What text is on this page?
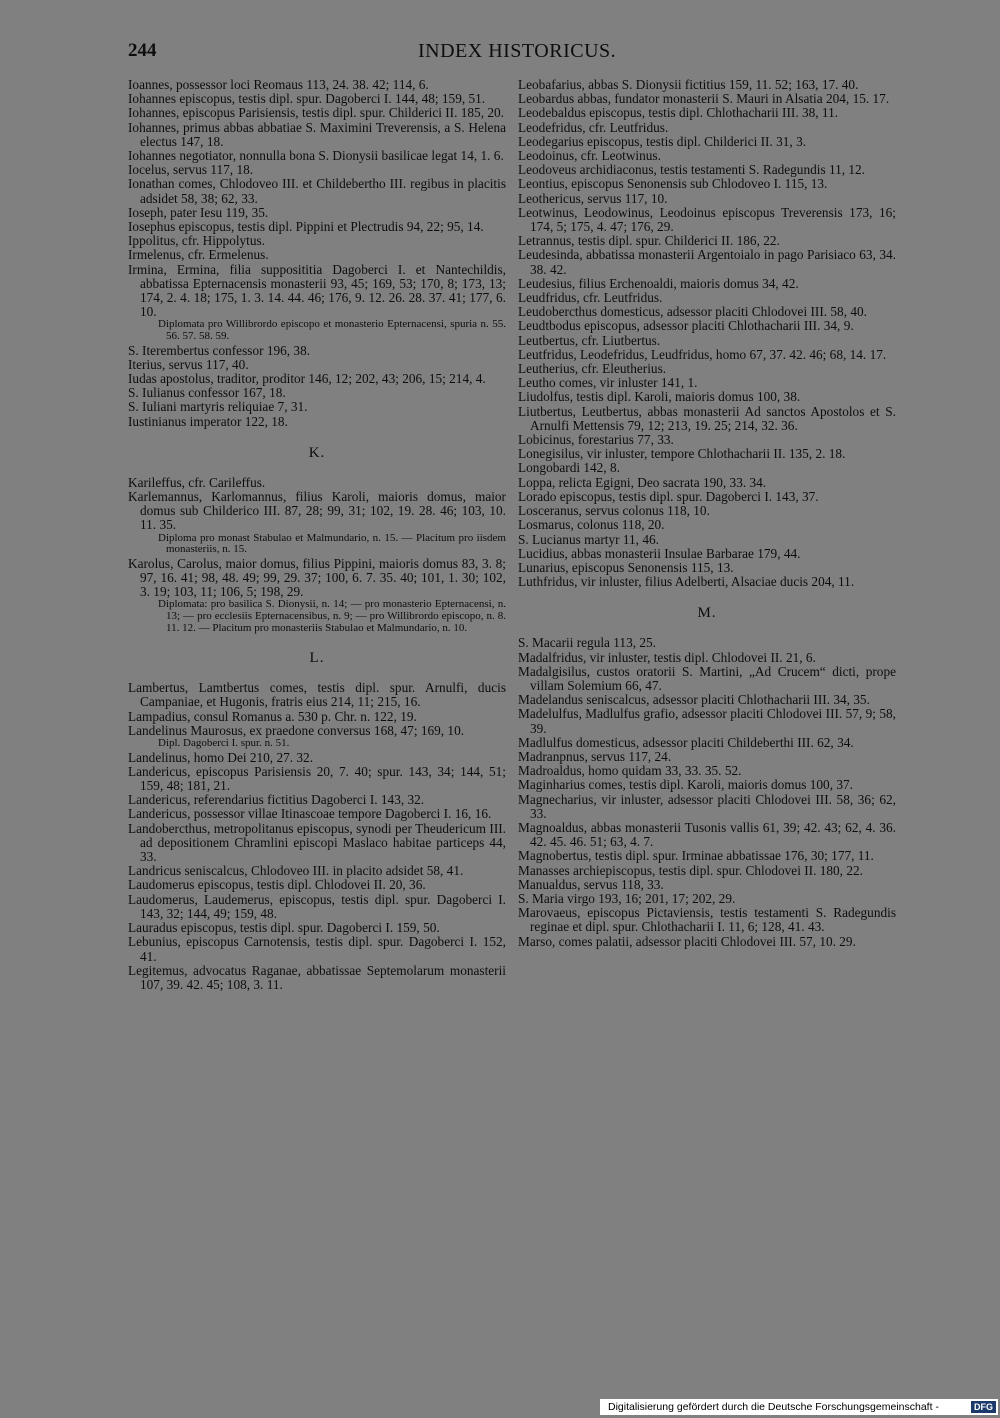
244	INDEX HISTORICUS.

Ioannes, possessor loci Reomaus 113, 24. 38. 42; 114, 6.

Iohannes episcopus, testis dipl. spur. Dagoberci I. 144, 48; 159, 51.

Iohannes, episcopus Parisiensis, testis dipl. spur. Childerici II. 185, 20.

Iohannes, primus abbas abbatiae S. Maximini Treverensis, a S. Helena electus 147, 18.

Iohannes negotiator, nonnulla bona S. Dionysii basilicae legat 14, 1. 6.

Iocelus, servus 117, 18.

Ionathan comes, Chlodoveo III. et Childebertho III. regibus in placitis adsidet 58, 38; 62, 33.

Ioseph, pater Iesu 119, 35.

Iosephus episcopus, testis dipl. Pippini et Plectrudis 94, 22; 95, 14.

Ippolitus, cfr. Hippolytus.

Irmelenus, cfr. Ermelenus.

Irmina, Ermina, filia supposititia Dagoberci I. et Nantechildis, abbatissa Epternacensis monasterii 93, 45; 169, 53; 170, 8; 173, 13; 174, 2. 4. 18; 175, 1. 3. 14. 44. 46; 176, 9. 12. 26. 28. 37. 41; 177, 6. 10.

Diplomata pro Willibrordo episcopo et monasterio Epternacensi, spuria n. 55. 56. 57. 58. 59.

S. Iterembertus confessor 196, 38.

Iterius, servus 117, 40.

Iudas apostolus, traditor, proditor 146, 12; 202, 43; 206, 15; 214, 4.

S. Iulianus confessor 167, 18.

S. Iuliani martyris reliquiae 7, 31.

Iustinianus imperator 122, 18.

K.

Karileffus, cfr. Carileffus.

Karlemannus, Karlomannus, filius Karoli, maioris domus, maior domus sub Childerico III. 87, 28; 99, 31; 102, 19. 28. 46; 103, 10. 11. 35.

Diploma pro monast Stabulao et Malmundario, n. 15. — Placitum pro iisdem monasteriis, n. 15.

Karolus, Carolus, maior domus, filius Pippini, maioris domus 83, 3. 8; 97, 16. 41; 98, 48. 49; 99, 29. 37; 100, 6. 7. 35. 40; 101, 1. 30; 102, 3. 19; 103, 11; 106, 5; 198, 29.

Diplomata: pro basilica S. Dionysii, n. 14; — pro monasterio Epternacensi, n. 13; — pro ecclesiis Epternacensibus, n. 9; — pro Willibrordo episcopo, n. 8. 11. 12. — Placitum pro monasteriis Stabulao et Malmundario, n. 10.

L.

Lambertus, Lamtbertus comes, testis dipl. spur. Arnulfi, ducis Campaniae, et Hugonis, fratris eius 214, 11; 215, 16.

Lampadius, consul Romanus a. 530 p. Chr. n. 122, 19.

Landelinus Maurosus, ex praedone conversus 168, 47; 169, 10.

Dipl. Dagoberci I. spur. n. 51.

Landelinus, homo Dei 210, 27. 32.

Landericus, episcopus Parisiensis 20, 7. 40; spur. 143, 34; 144, 51; 159, 48; 181, 21.

Landericus, referendarius fictitius Dagoberci I. 143, 32.

Landericus, possessor villae Itinascoae tempore Dagoberci I. 16, 16.

Landobercthus, metropolitanus episcopus, synodi per Theudericum III. ad depositionem Chramlini episcopi Maslaco habitae particeps 44, 33.

Landricus seniscalcus, Chlodoveo III. in placito adsidet 58, 41.

Laudomerus episcopus, testis dipl. Chlodovei II. 20, 36.

Laudomerus, Laudemerus, episcopus, testis dipl. spur. Dagoberci I. 143, 32; 144, 49; 159, 48.

Lauradus episcopus, testis dipl. spur. Dagoberci I. 159, 50.

Lebunius, episcopus Carnotensis, testis dipl. spur. Dagoberci I. 152, 41.

Legitemus, advocatus Raganae, abbatissae Septemolarum monasterii 107, 39. 42. 45; 108, 3. 11.

Leobafarius, abbas S. Dionysii fictitius 159, 11. 52; 163, 17. 40.

Leobardus abbas, fundator monasterii S. Mauri in Alsatia 204, 15. 17.

Leodebaldus episcopus, testis dipl. Chlothacharii III. 38, 11.

Leodefridus, cfr. Leutfridus.

Leodegarius episcopus, testis dipl. Childerici II. 31, 3.

Leodoinus, cfr. Leotwinus.

Leodoveus archidiaconus, testis testamenti S. Radegundis 11, 12.

Leontius, episcopus Senonensis sub Chlodoveo I. 115, 13.

Leothericus, servus 117, 10.

Leotwinus, Leodowinus, Leodoinus episcopus Treverensis 173, 16; 174, 5; 175, 4. 47; 176, 29.

Letrannus, testis dipl. spur. Childerici II. 186, 22.

Leudesinda, abbatissa monasterii Argentoialo in pago Parisiaco 63, 34. 38. 42.

Leudesius, filius Erchenoaldi, maioris domus 34, 42.

Leudfridus, cfr. Leutfridus.

Leudobercthus domesticus, adsessor placiti Chlodovei III. 58, 40.

Leudtbodus episcopus, adsessor placiti Chlothacharii III. 34, 9.

Leutbertus, cfr. Liutbertus.

Leutfridus, Leodefridus, Leudfridus, homo 67, 37. 42. 46; 68, 14. 17.

Leutherius, cfr. Eleutherius.

Leutho comes, vir inluster 141, 1.

Liudolfus, testis dipl. Karoli, maioris domus 100, 38.

Liutbertus, Leutbertus, abbas monasterii Ad sanctos Apostolos et S. Arnulfi Mettensis 79, 12; 213, 19. 25; 214, 32. 36.

Lobicinus, forestarius 77, 33.

Lonegisilus, vir inluster, tempore Chlothacharii II. 135, 2. 18.

Longobardi 142, 8.

Loppa, relicta Egigni, Deo sacrata 190, 33. 34.

Lorado episcopus, testis dipl. spur. Dagoberci I. 143, 37.

Losceranus, servus colonus 118, 10.

Losmarus, colonus 118, 20.

S. Lucianus martyr 11, 46.

Lucidius, abbas monasterii Insulae Barbarae 179, 44.

Lunarius, episcopus Senonensis 115, 13.

Luthfridus, vir inluster, filius Adelberti, Alsaciae ducis 204, 11.

M.

S. Macarii regula 113, 25.

Madalfridus, vir inluster, testis dipl. Chlodovei II. 21, 6.

Madalgisilus, custos oratorii S. Martini, „Ad Crucem“ dicti, prope villam Solemium 66, 47.

Madelandus seniscalcus, adsessor placiti Chlothacharii III. 34, 35.

Madelulfus, Madlulfus grafio, adsessor placiti Chlodovei III. 57, 9; 58, 39.

Madlulfus domesticus, adsessor placiti Childeberthi III. 62, 34.

Madranpnus, servus 117, 24.

Madroaldus, homo quidam 33, 33. 35. 52.

Maginharius comes, testis dipl. Karoli, maioris domus 100, 37.

Magnecharius, vir inluster, adsessor placiti Chlodovei III. 58, 36; 62, 33.

Magnoaldus, abbas monasterii Tusonis vallis 61, 39; 42. 43; 62, 4. 36. 42. 45. 46. 51; 63, 4. 7.

Magnobertus, testis dipl. spur. Irminae abbatissae 176, 30; 177, 11.

Manasses archiepiscopus, testis dipl. spur. Chlodovei II. 180, 22.

Manualdus, servus 118, 33.

S. Maria virgo 193, 16; 201, 17; 202, 29.

Marovaeus, episcopus Pictaviensis, testis testamenti S. Radegundis reginae et dipl. spur. Chlothacharii I. 11, 6; 128, 41. 43.

Marso, comes palatii, adsessor placiti Chlodovei III. 57, 10. 29.

Digitalisierung gefördert durch die Deutsche Forschungsgemeinschaft -	DFG
